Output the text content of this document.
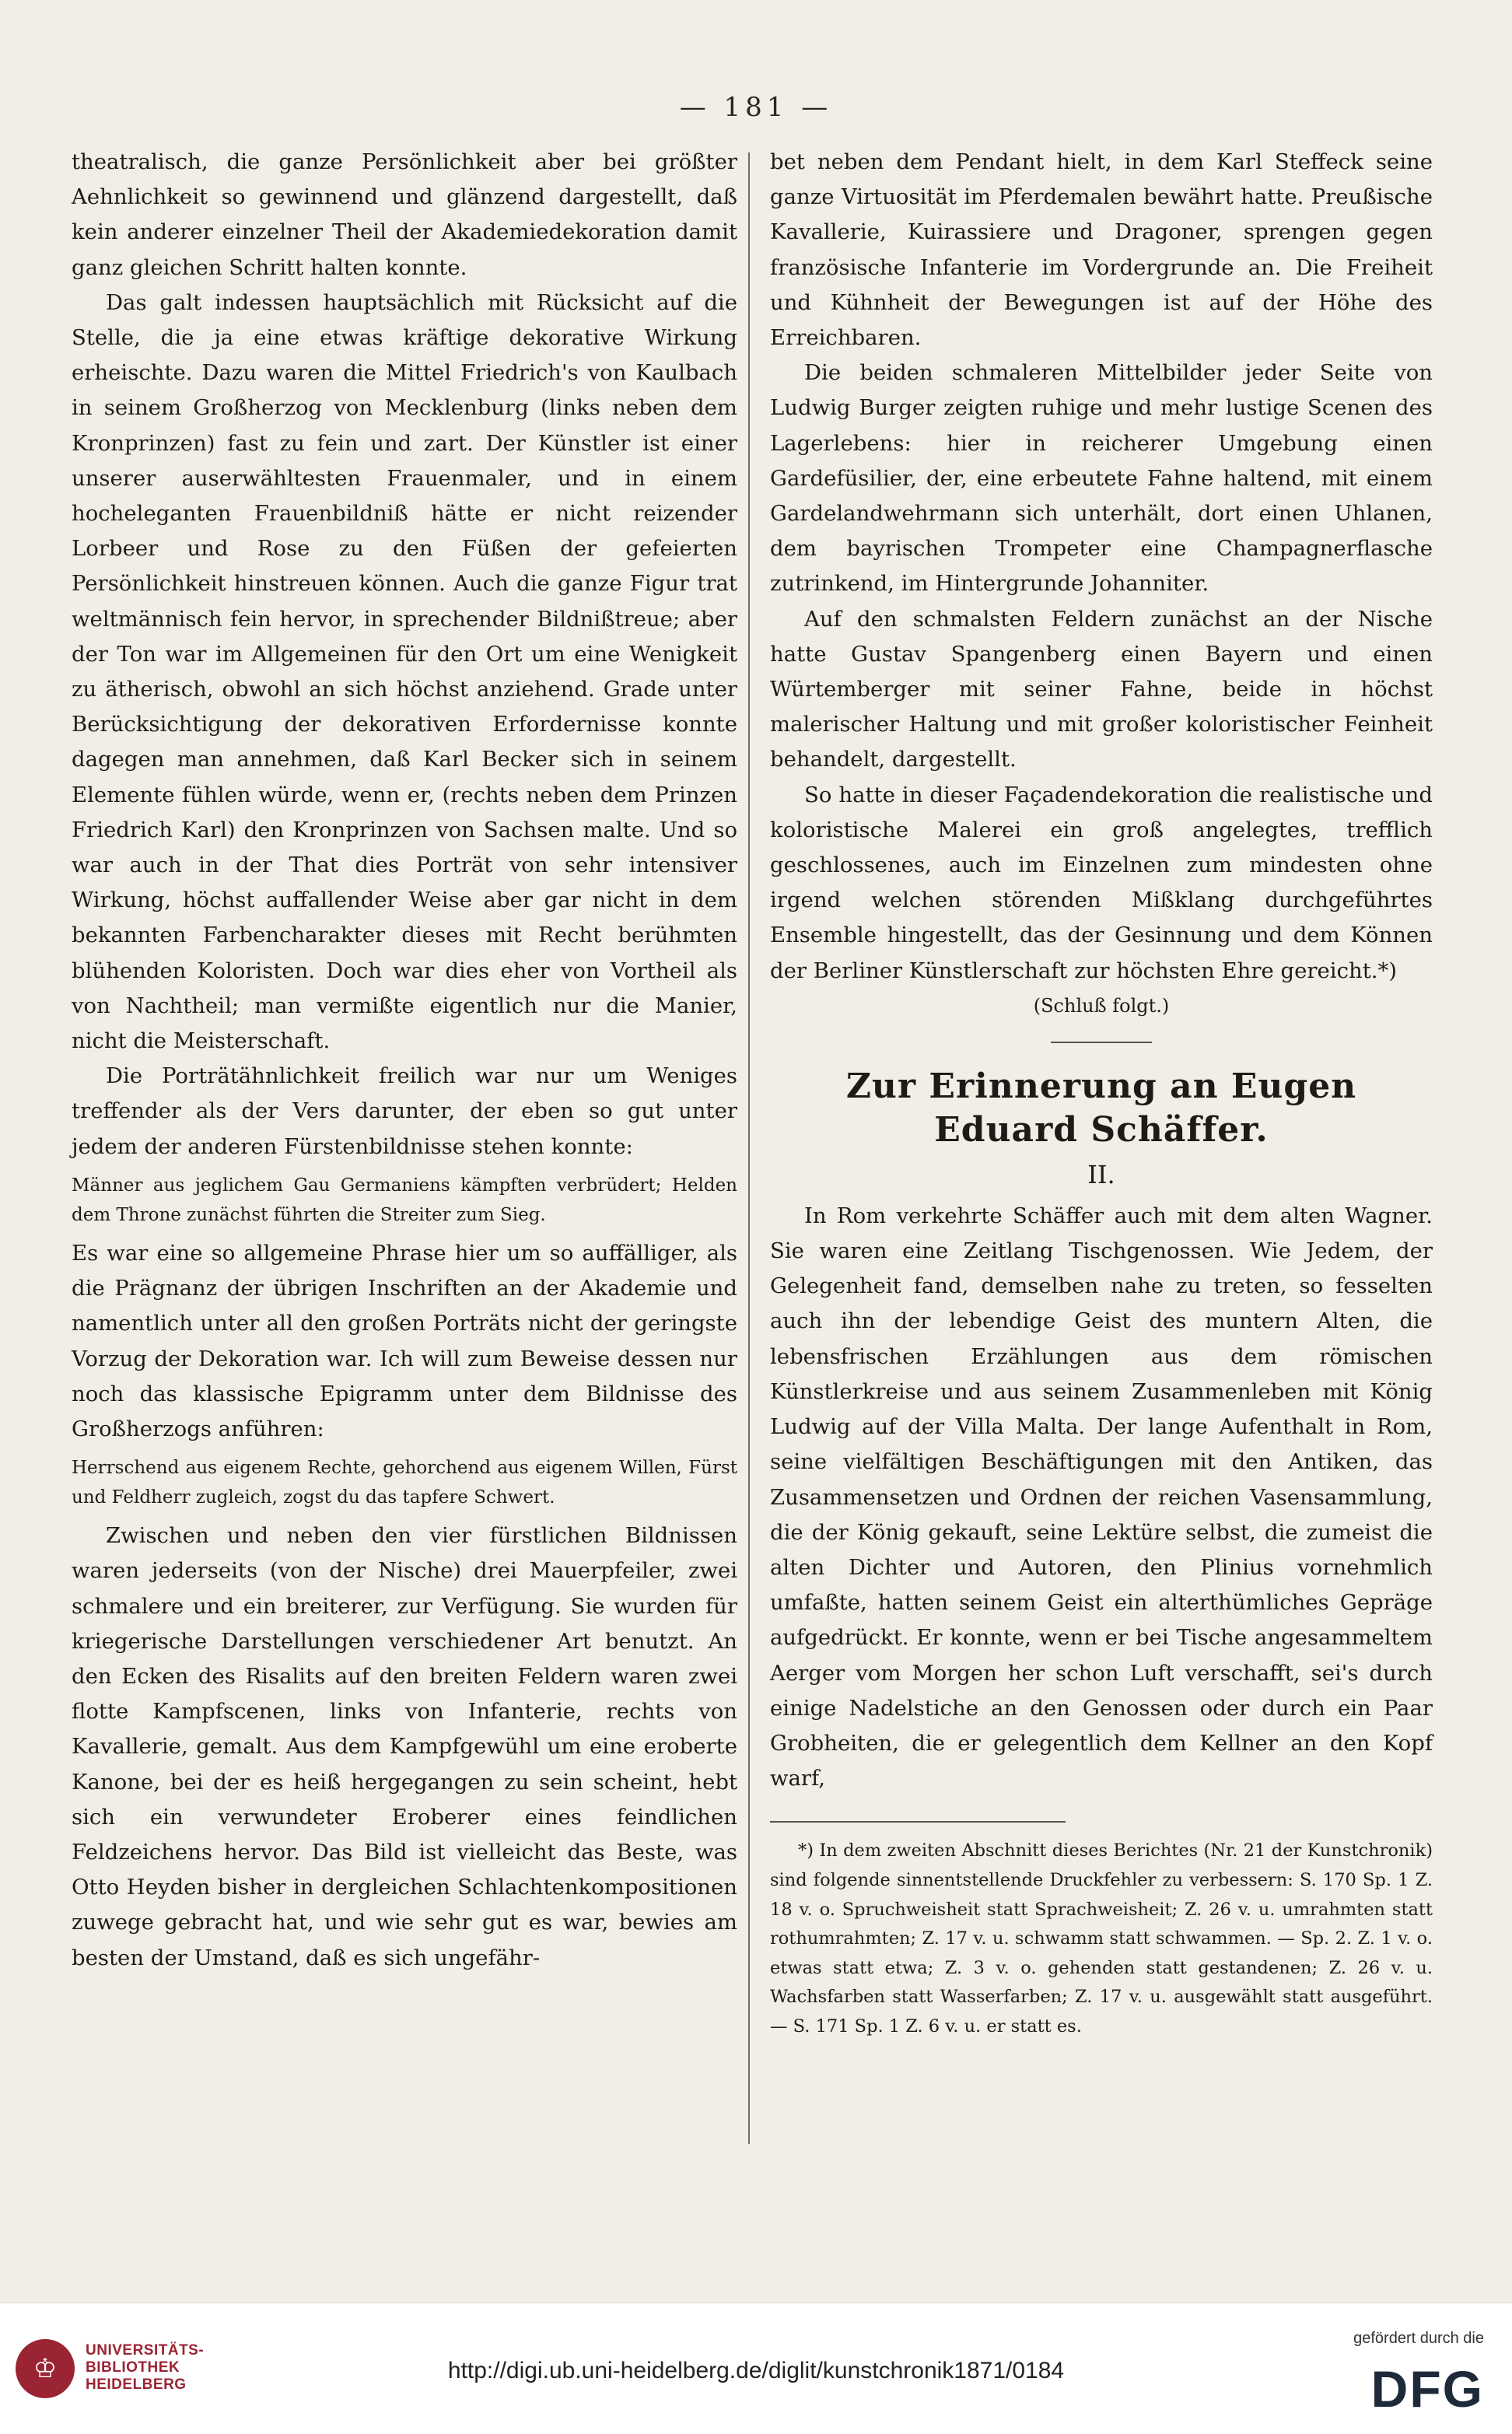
— 181 —

theatralisch, die ganze Persönlichkeit aber bei größter Aehnlichkeit so gewinnend und glänzend dargestellt, daß kein anderer einzelner Theil der Akademiedekoration damit ganz gleichen Schritt halten konnte.

Das galt indessen hauptsächlich mit Rücksicht auf die Stelle, die ja eine etwas kräftige dekorative Wirkung erheischte. Dazu waren die Mittel Friedrich's von Kaulbach in seinem Großherzog von Mecklenburg (links neben dem Kronprinzen) fast zu fein und zart. Der Künstler ist einer unserer auserwähltesten Frauenmaler, und in einem hocheleganten Frauenbildniß hätte er nicht reizender Lorbeer und Rose zu den Füßen der gefeierten Persönlichkeit hinstreuen können. Auch die ganze Figur trat weltmännisch fein hervor, in sprechender Bildnißtreue; aber der Ton war im Allgemeinen für den Ort um eine Wenigkeit zu ätherisch, obwohl an sich höchst anziehend. Grade unter Berücksichtigung der dekorativen Erfordernisse konnte dagegen man annehmen, daß Karl Becker sich in seinem Elemente fühlen würde, wenn er, (rechts neben dem Prinzen Friedrich Karl) den Kronprinzen von Sachsen malte. Und so war auch in der That dies Porträt von sehr intensiver Wirkung, höchst auffallender Weise aber gar nicht in dem bekannten Farbencharakter dieses mit Recht berühmten blühenden Koloristen. Doch war dies eher von Vortheil als von Nachtheil; man vermißte eigentlich nur die Manier, nicht die Meisterschaft.

Die Porträtähnlichkeit freilich war nur um Weniges treffender als der Vers darunter, der eben so gut unter jedem der anderen Fürstenbildnisse stehen konnte:

Männer aus jeglichem Gau Germaniens kämpften verbrüdert; Helden dem Throne zunächst führten die Streiter zum Sieg.

Es war eine so allgemeine Phrase hier um so auffälliger, als die Prägnanz der übrigen Inschriften an der Akademie und namentlich unter all den großen Porträts nicht der geringste Vorzug der Dekoration war. Ich will zum Beweise dessen nur noch das klassische Epigramm unter dem Bildnisse des Großherzogs anführen:

Herrschend aus eigenem Rechte, gehorchend aus eigenem Willen, Fürst und Feldherr zugleich, zogst du das tapfere Schwert.

Zwischen und neben den vier fürstlichen Bildnissen waren jederseits (von der Nische) drei Mauerpfeiler, zwei schmalere und ein breiterer, zur Verfügung. Sie wurden für kriegerische Darstellungen verschiedener Art benutzt. An den Ecken des Risalits auf den breiten Feldern waren zwei flotte Kampfscenen, links von Infanterie, rechts von Kavallerie, gemalt. Aus dem Kampfgewühl um eine eroberte Kanone, bei der es heiß hergegangen zu sein scheint, hebt sich ein verwundeter Eroberer eines feindlichen Feldzeichens hervor. Das Bild ist vielleicht das Beste, was Otto Heyden bisher in dergleichen Schlachtenkompositionen zuwege gebracht hat, und wie sehr gut es war, bewies am besten der Umstand, daß es sich ungefähr-

bet neben dem Pendant hielt, in dem Karl Steffeck seine ganze Virtuosität im Pferdemalen bewährt hatte. Preußische Kavallerie, Kuirassiere und Dragoner, sprengen gegen französische Infanterie im Vordergrunde an. Die Freiheit und Kühnheit der Bewegungen ist auf der Höhe des Erreichbaren.

Die beiden schmaleren Mittelbilder jeder Seite von Ludwig Burger zeigten ruhige und mehr lustige Scenen des Lagerlebens: hier in reicherer Umgebung einen Gardefüsilier, der, eine erbeutete Fahne haltend, mit einem Gardelandwehrmann sich unterhält, dort einen Uhlanen, dem bayrischen Trompeter eine Champagnerflasche zutrinkend, im Hintergrunde Johanniter.

Auf den schmalsten Feldern zunächst an der Nische hatte Gustav Spangenberg einen Bayern und einen Würtemberger mit seiner Fahne, beide in höchst malerischer Haltung und mit großer koloristischer Feinheit behandelt, dargestellt.

So hatte in dieser Façadendekoration die realistische und koloristische Malerei ein groß angelegtes, trefflich geschlossenes, auch im Einzelnen zum mindesten ohne irgend welchen störenden Mißklang durchgeführtes Ensemble hingestellt, das der Gesinnung und dem Können der Berliner Künstlerschaft zur höchsten Ehre gereicht.*)

(Schluß folgt.)

Zur Erinnerung an Eugen Eduard Schäffer.
II.

In Rom verkehrte Schäffer auch mit dem alten Wagner. Sie waren eine Zeitlang Tischgenossen. Wie Jedem, der Gelegenheit fand, demselben nahe zu treten, so fesselten auch ihn der lebendige Geist des muntern Alten, die lebensfrischen Erzählungen aus dem römischen Künstlerkreise und aus seinem Zusammenleben mit König Ludwig auf der Villa Malta. Der lange Aufenthalt in Rom, seine vielfältigen Beschäftigungen mit den Antiken, das Zusammensetzen und Ordnen der reichen Vasensammlung, die der König gekauft, seine Lektüre selbst, die zumeist die alten Dichter und Autoren, den Plinius vornehmlich umfaßte, hatten seinem Geist ein alterthümliches Gepräge aufgedrückt. Er konnte, wenn er bei Tische angesammeltem Aerger vom Morgen her schon Luft verschafft, sei's durch einige Nadelstiche an den Genossen oder durch ein Paar Grobheiten, die er gelegentlich dem Kellner an den Kopf warf,

*) In dem zweiten Abschnitt dieses Berichtes (Nr. 21 der Kunstchronik) sind folgende sinnentstellende Druckfehler zu verbessern: S. 170 Sp. 1 Z. 18 v. o. Spruchweisheit statt Sprachweisheit; Z. 26 v. u. umrahmten statt rothumrahmten; Z. 17 v. u. schwamm statt schwammen. — Sp. 2. Z. 1 v. o. etwas statt etwa; Z. 3 v. o. gehenden statt gestandenen; Z. 26 v. u. Wachsfarben statt Wasserfarben; Z. 17 v. u. ausgewählt statt ausgeführt. — S. 171 Sp. 1 Z. 6 v. u. er statt es.

♔
UNIVERSITÄTS-
BIBLIOTHEK
HEIDELBERG
http://digi.ub.uni-heidelberg.de/diglit/kunstchronik1871/0184
gefördert durch die
DFG
